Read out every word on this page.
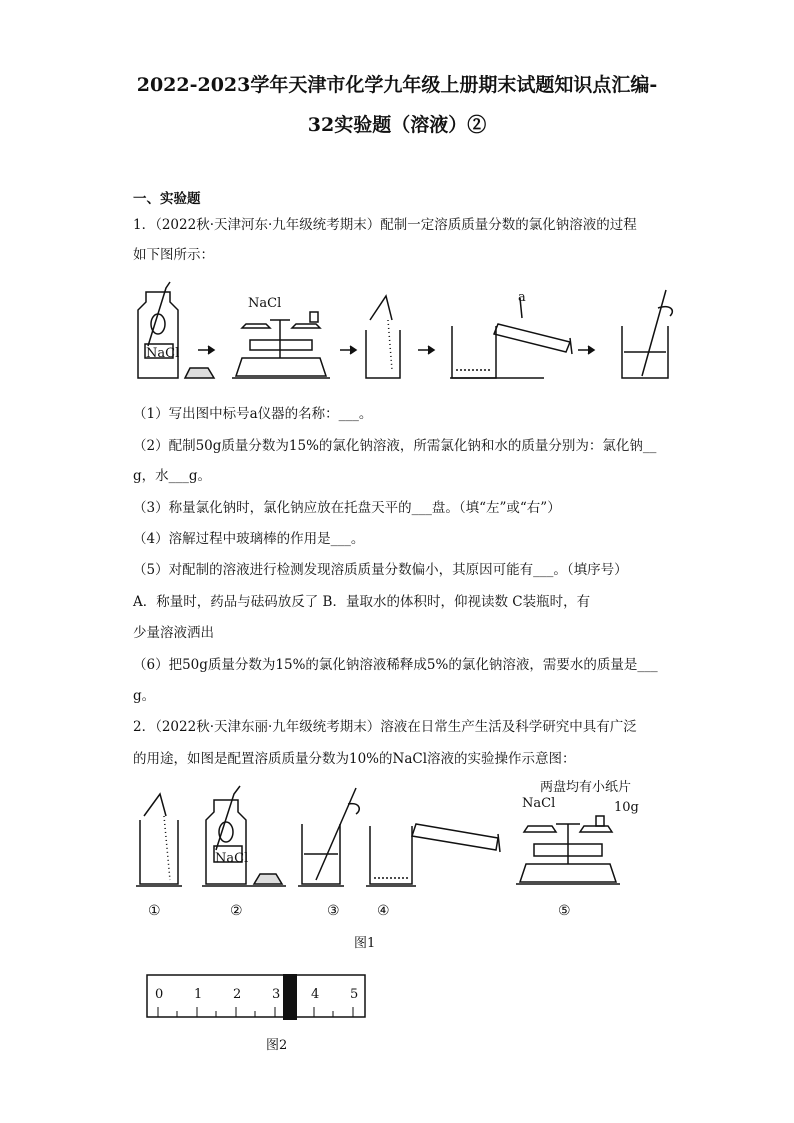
2022-2023学年天津市化学九年级上册期末试题知识点汇编-
32实验题（溶液）②
一、实验题
1．（2022秋·天津河东·九年级统考期末）配制一定溶质质量分数的氯化钠溶液的过程
如下图所示：
NaCl
NaCl	a
（1）写出图中标号a仪器的名称：___。
（2）配制50g质量分数为15%的氯化钠溶液，所需氯化钠和水的质量分别为：氯化钠__
g，水___g。
（3）称量氯化钠时，氯化钠应放在托盘天平的___盘。（填“左”或“右”）
（4）溶解过程中玻璃棒的作用是___。
（5）对配制的溶液进行检测发现溶质质量分数偏小，其原因可能有___。（填序号）
A．称量时，药品与砝码放反了 B．量取水的体积时，仰视读数 C装瓶时，有
少量溶液洒出
（6）把50g质量分数为15%的氯化钠溶液稀释成5%的氯化钠溶液，需要水的质量是___
g。
2．（2022秋·天津东丽·九年级统考期末）溶液在日常生产生活及科学研究中具有广泛
的用途，如图是配置溶质质量分数为10%的NaCl溶液的实验操作示意图：
两盘均有小纸片
NaCl
NaCl	10g
①	②	③	④	⑤
图1
0 1 2 3 4 5
图2
